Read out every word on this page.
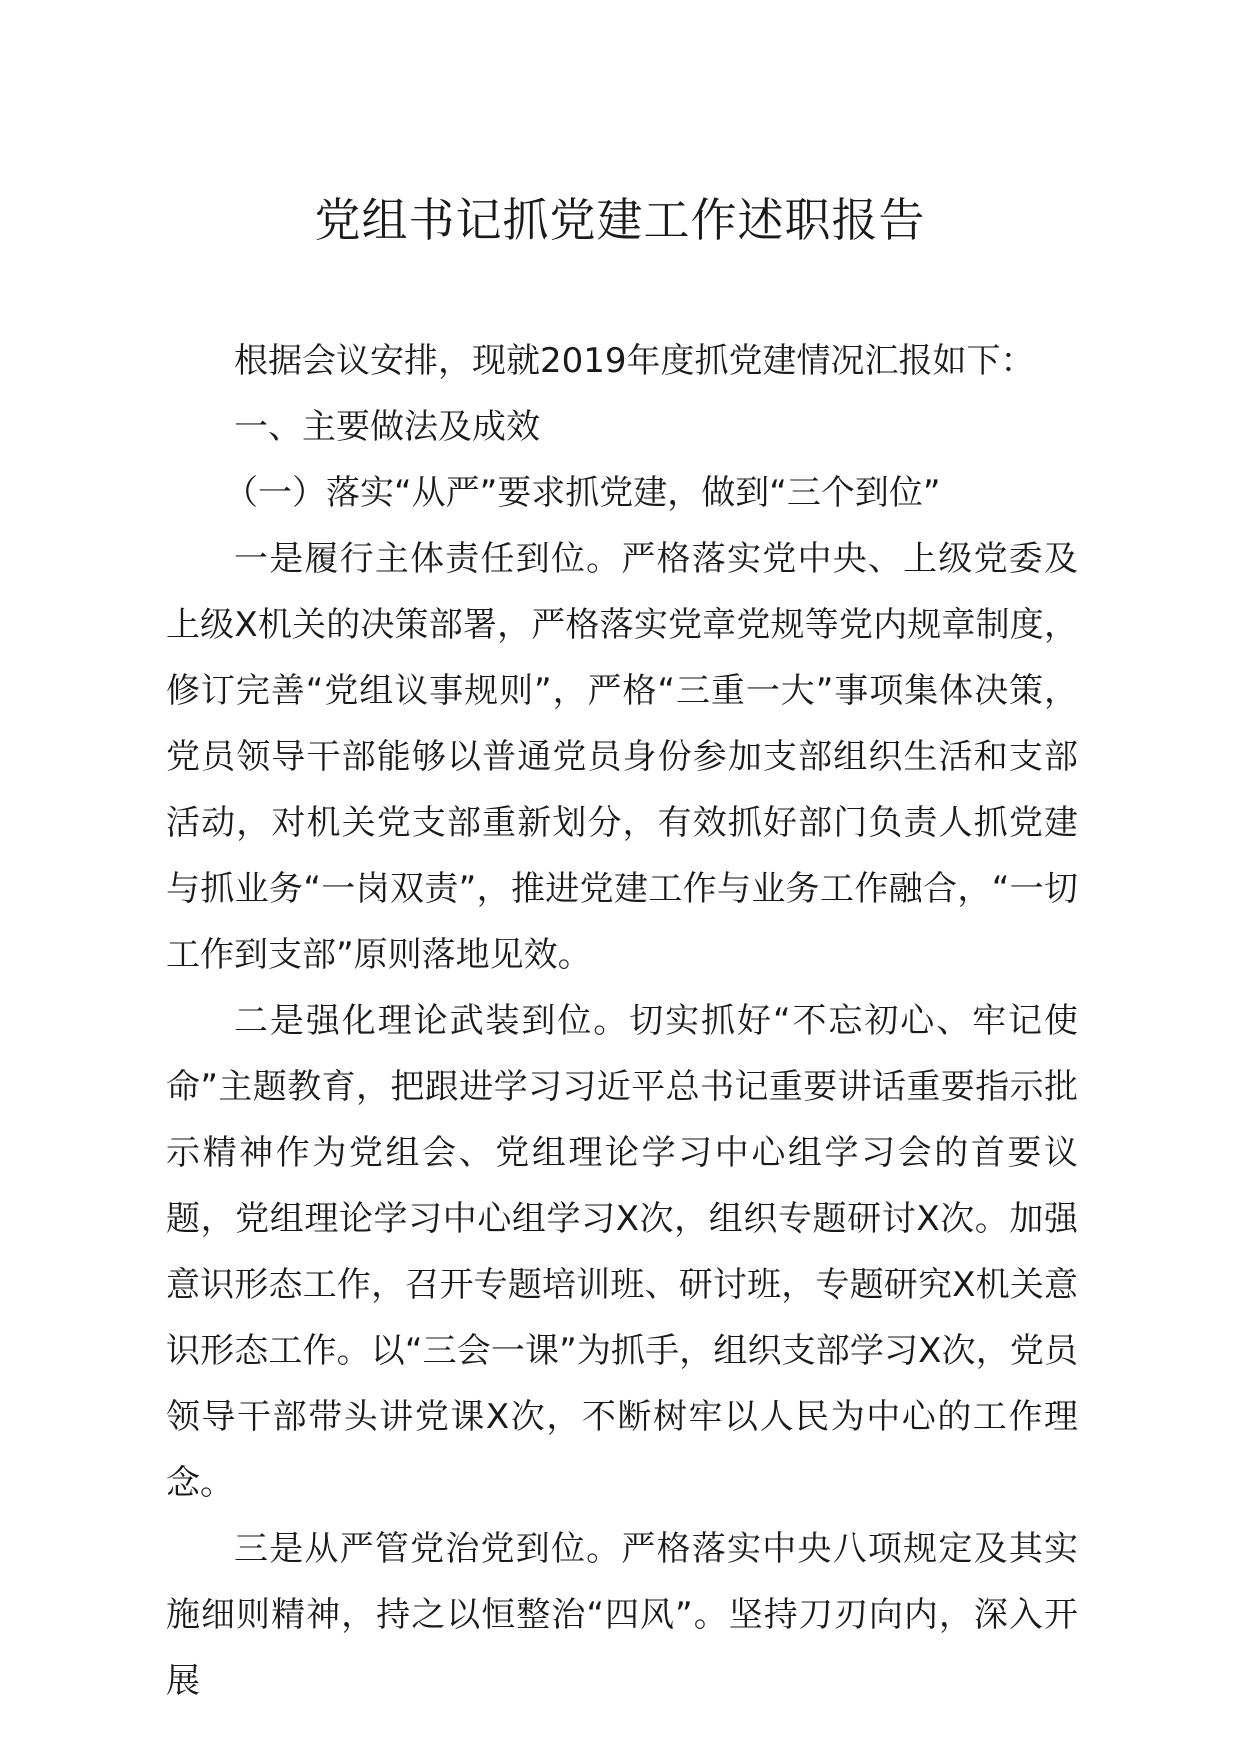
党组书记抓党建工作述职报告

根据会议安排，现就2019年度抓党建情况汇报如下：

一、主要做法及成效

（一）落实“从严”要求抓党建，做到“三个到位”

一是履行主体责任到位。严格落实党中央、上级党委及上级X机关的决策部署，严格落实党章党规等党内规章制度，修订完善“党组议事规则”，严格“三重一大”事项集体决策，党员领导干部能够以普通党员身份参加支部组织生活和支部活动，对机关党支部重新划分，有效抓好部门负责人抓党建与抓业务“一岗双责”，推进党建工作与业务工作融合，“一切工作到支部”原则落地见效。

二是强化理论武装到位。切实抓好“不忘初心、牢记使命”主题教育，把跟进学习习近平总书记重要讲话重要指示批示精神作为党组会、党组理论学习中心组学习会的首要议题，党组理论学习中心组学习X次，组织专题研讨X次。加强意识形态工作，召开专题培训班、研讨班，专题研究X机关意识形态工作。以“三会一课”为抓手，组织支部学习X次，党员领导干部带头讲党课X次，不断树牢以人民为中心的工作理念。

三是从严管党治党到位。严格落实中央八项规定及其实施细则精神，持之以恒整治“四风”。坚持刀刃向内，深入开展
